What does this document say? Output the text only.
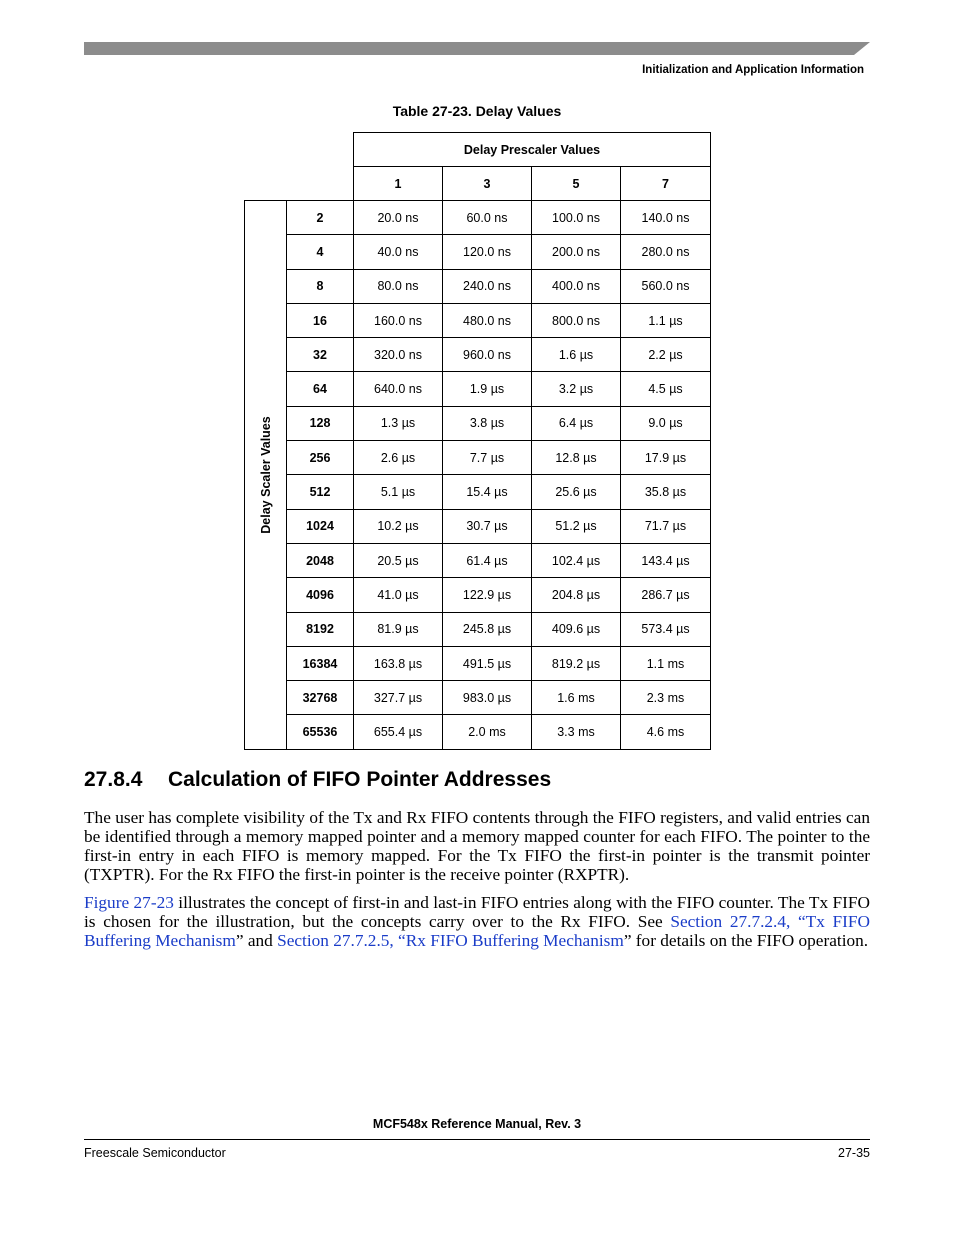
Initialization and Application Information
Table 27-23. Delay Values
		Delay Prescaler Values			
		1	3	5	7

Delay Scaler Values	2	20.0 ns	60.0 ns	100.0 ns	140.0 ns
	4	40.0 ns	120.0 ns	200.0 ns	280.0 ns
	8	80.0 ns	240.0 ns	400.0 ns	560.0 ns
	16	160.0 ns	480.0 ns	800.0 ns	1.1 µs
	32	320.0 ns	960.0 ns	1.6 µs	2.2 µs
	64	640.0 ns	1.9 µs	3.2 µs	4.5 µs
	128	1.3 µs	3.8 µs	6.4 µs	9.0 µs
	256	2.6 µs	7.7 µs	12.8 µs	17.9 µs
	512	5.1 µs	15.4 µs	25.6 µs	35.8 µs
	1024	10.2 µs	30.7 µs	51.2 µs	71.7 µs
	2048	20.5 µs	61.4 µs	102.4 µs	143.4 µs
	4096	41.0 µs	122.9 µs	204.8 µs	286.7 µs
	8192	81.9 µs	245.8 µs	409.6 µs	573.4 µs
	16384	163.8 µs	491.5 µs	819.2 µs	1.1 ms
	32768	327.7 µs	983.0 µs	1.6 ms	2.3 ms
	65536	655.4 µs	2.0 ms	3.3 ms	4.6 ms
27.8.4 Calculation of FIFO Pointer Addresses

The user has complete visibility of the Tx and Rx FIFO contents through the FIFO registers, and valid entries can be identified through a memory mapped pointer and a memory mapped counter for each FIFO. The pointer to the first-in entry in each FIFO is memory mapped. For the Tx FIFO the first-in pointer is the transmit pointer (TXPTR). For the Rx FIFO the first-in pointer is the receive pointer (RXPTR).

Figure 27-23 illustrates the concept of first-in and last-in FIFO entries along with the FIFO counter. The Tx FIFO is chosen for the illustration, but the concepts carry over to the Rx FIFO. See Section 27.7.2.4, “Tx FIFO Buffering Mechanism” and Section 27.7.2.5, “Rx FIFO Buffering Mechanism” for details on the FIFO operation.

MCF548x Reference Manual, Rev. 3
Freescale Semiconductor	27-35
